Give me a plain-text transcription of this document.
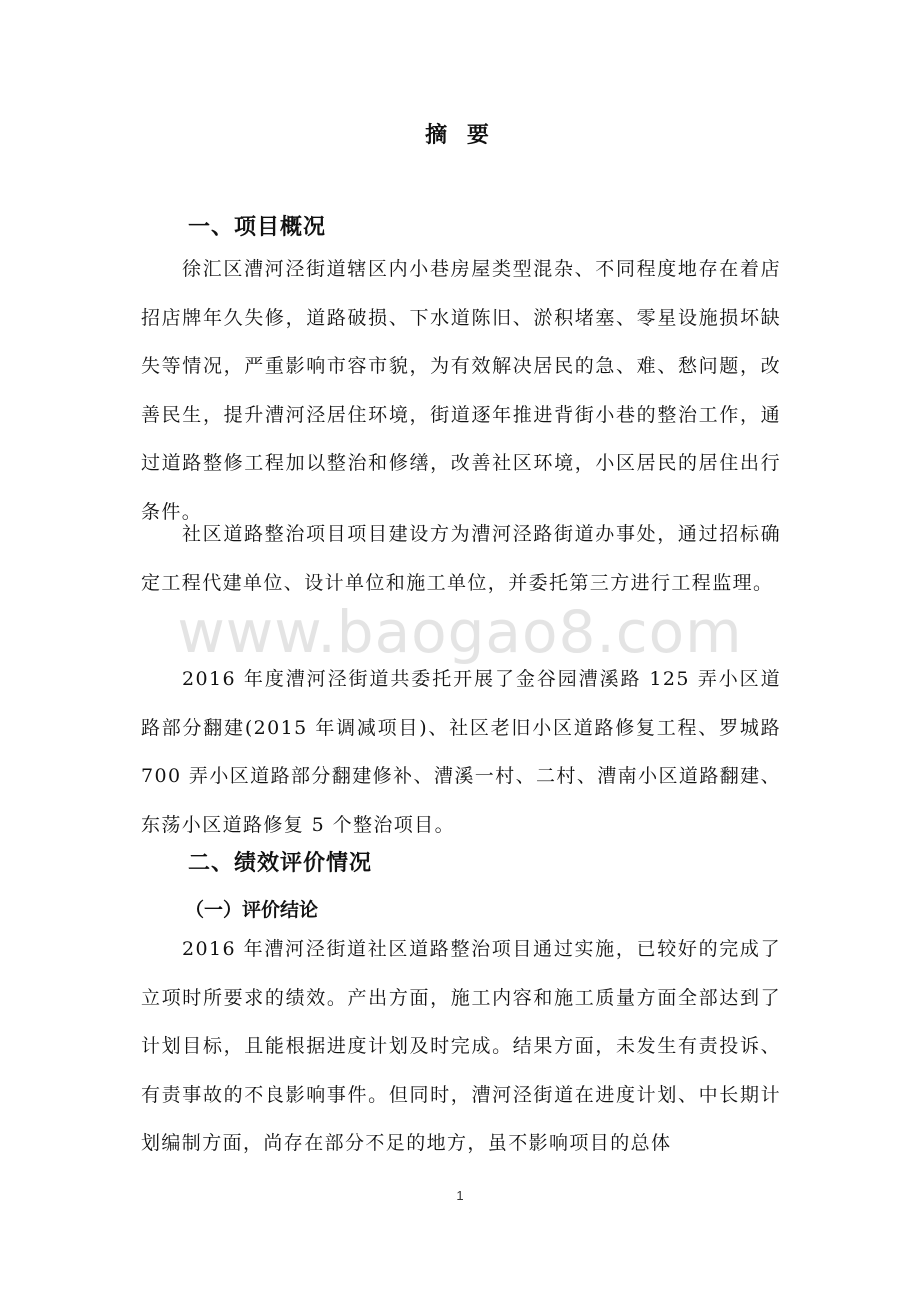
摘 要
一、项目概况

徐汇区漕河泾街道辖区内小巷房屋类型混杂、不同程度地存在着店招店牌年久失修，道路破损、下水道陈旧、淤积堵塞、零星设施损坏缺失等情况，严重影响市容市貌，为有效解决居民的急、难、愁问题，改善民生，提升漕河泾居住环境，街道逐年推进背街小巷的整治工作，通过道路整修工程加以整治和修缮，改善社区环境，小区居民的居住出行条件。

社区道路整治项目项目建设方为漕河泾路街道办事处，通过招标确定工程代建单位、设计单位和施工单位，并委托第三方进行工程监理。

2016 年度漕河泾街道共委托开展了金谷园漕溪路 125 弄小区道路部分翻建(2015 年调减项目)、社区老旧小区道路修复工程、罗城路 700 弄小区道路部分翻建修补、漕溪一村、二村、漕南小区道路翻建、东荡小区道路修复 5 个整治项目。

二、绩效评价情况
（一）评价结论

2016 年漕河泾街道社区道路整治项目通过实施，已较好的完成了立项时所要求的绩效。产出方面，施工内容和施工质量方面全部达到了计划目标，且能根据进度计划及时完成。结果方面，未发生有责投诉、有责事故的不良影响事件。但同时，漕河泾街道在进度计划、中长期计划编制方面，尚存在部分不足的地方，虽不影响项目的总体

www.baogao8.com
1
